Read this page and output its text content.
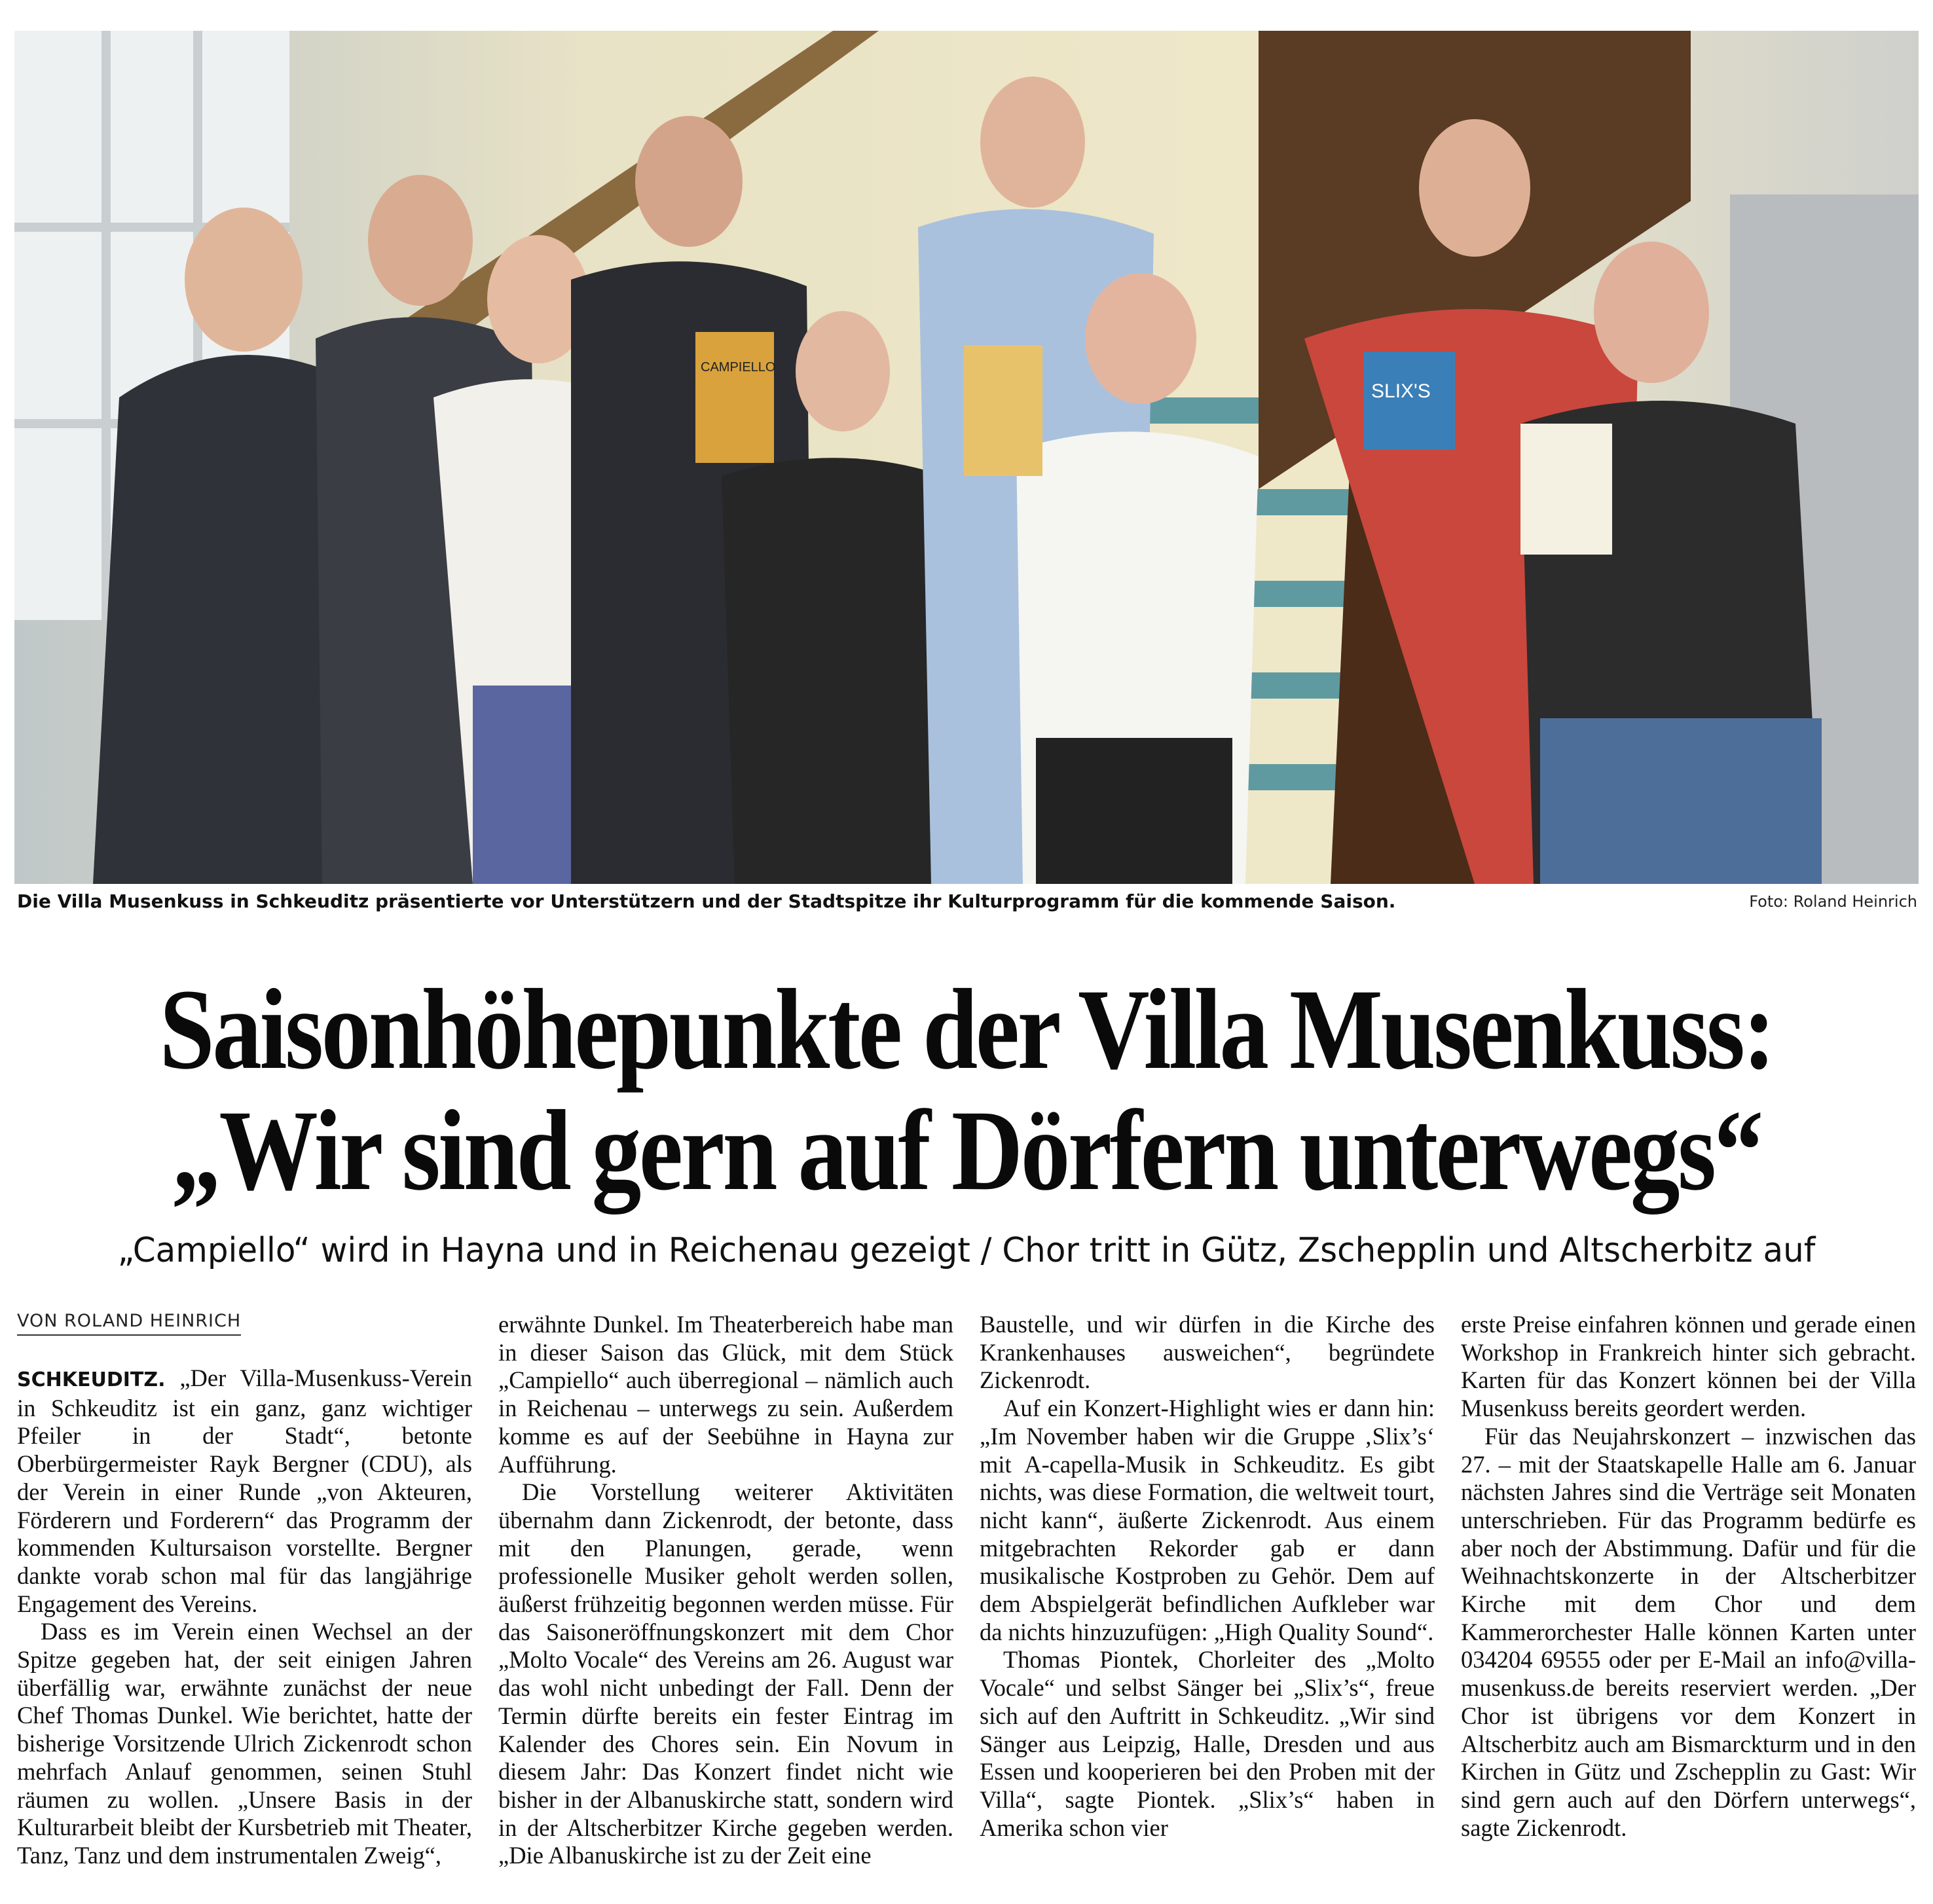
CAMPIELLO
SLIX'S
Die Villa Musenkuss in Schkeuditz präsentierte vor Unterstützern und der Stadtspitze ihr Kulturprogramm für die kommende Saison.	Foto: Roland Heinrich
Saisonhöhepunkte der Villa Musenkuss:
„Wir sind gern auf Dörfern unterwegs“
„Campiello“ wird in Hayna und in Reichenau gezeigt / Chor tritt in Gütz, Zschepplin und Altscherbitz auf
VON ROLAND HEINRICH

SCHKEUDITZ. „Der Villa-Musenkuss-Verein in Schkeuditz ist ein ganz, ganz wichtiger Pfeiler in der Stadt“, betonte Oberbürgermeister Rayk Bergner (CDU), als der Verein in einer Runde „von Akteuren, Förderern und Forderern“ das Programm der kommenden Kultursaison vorstellte. Bergner dankte vorab schon mal für das langjährige Engagement des Vereins.

Dass es im Verein einen Wechsel an der Spitze gegeben hat, der seit einigen Jahren überfällig war, erwähnte zunächst der neue Chef Thomas Dunkel. Wie berichtet, hatte der bisherige Vorsitzende Ulrich Zickenrodt schon mehrfach Anlauf genommen, seinen Stuhl räumen zu wollen. „Unsere Basis in der Kulturarbeit bleibt der Kursbetrieb mit Theater, Tanz, Tanz und dem instrumentalen Zweig“,

erwähnte Dunkel. Im Theaterbereich habe man in dieser Saison das Glück, mit dem Stück „Campiello“ auch überregional – nämlich auch in Reichenau – unterwegs zu sein. Außerdem komme es auf der Seebühne in Hayna zur Aufführung.

Die Vorstellung weiterer Aktivitäten übernahm dann Zickenrodt, der betonte, dass mit den Planungen, gerade, wenn professionelle Musiker geholt werden sollen, äußerst frühzeitig begonnen werden müsse. Für das Saisoneröffnungskonzert mit dem Chor „Molto Vocale“ des Vereins am 26. August war das wohl nicht unbedingt der Fall. Denn der Termin dürfte bereits ein fester Eintrag im Kalender des Chores sein. Ein Novum in diesem Jahr: Das Konzert findet nicht wie bisher in der Albanuskirche statt, sondern wird in der Altscherbitzer Kirche gegeben werden. „Die Albanuskirche ist zu der Zeit eine

Baustelle, und wir dürfen in die Kirche des Krankenhauses ausweichen“, begründete Zickenrodt.

Auf ein Konzert-Highlight wies er dann hin: „Im November haben wir die Gruppe ‚Slix’s‘ mit A-capella-Musik in Schkeuditz. Es gibt nichts, was diese Formation, die weltweit tourt, nicht kann“, äußerte Zickenrodt. Aus einem mitgebrachten Rekorder gab er dann musikalische Kostproben zu Gehör. Dem auf dem Abspielgerät befindlichen Aufkleber war da nichts hinzuzufügen: „High Quality Sound“.

Thomas Piontek, Chorleiter des „Molto Vocale“ und selbst Sänger bei „Slix’s“, freue sich auf den Auftritt in Schkeuditz. „Wir sind Sänger aus Leipzig, Halle, Dresden und aus Essen und kooperieren bei den Proben mit der Villa“, sagte Piontek. „Slix’s“ haben in Amerika schon vier

erste Preise einfahren können und gerade einen Workshop in Frankreich hinter sich gebracht. Karten für das Konzert können bei der Villa Musenkuss bereits geordert werden.

Für das Neujahrskonzert – inzwischen das 27. – mit der Staatskapelle Halle am 6. Januar nächsten Jahres sind die Verträge seit Monaten unterschrieben. Für das Programm bedürfe es aber noch der Abstimmung. Dafür und für die Weihnachtskonzerte in der Altscherbitzer Kirche mit dem Chor und dem Kammerorchester Halle können Karten unter 034204 69555 oder per E-Mail an info@villa-musenkuss.de bereits reserviert werden. „Der Chor ist übrigens vor dem Konzert in Altscherbitz auch am Bismarckturm und in den Kirchen in Gütz und Zschepplin zu Gast: Wir sind gern auch auf den Dörfern unterwegs“, sagte Zickenrodt.
